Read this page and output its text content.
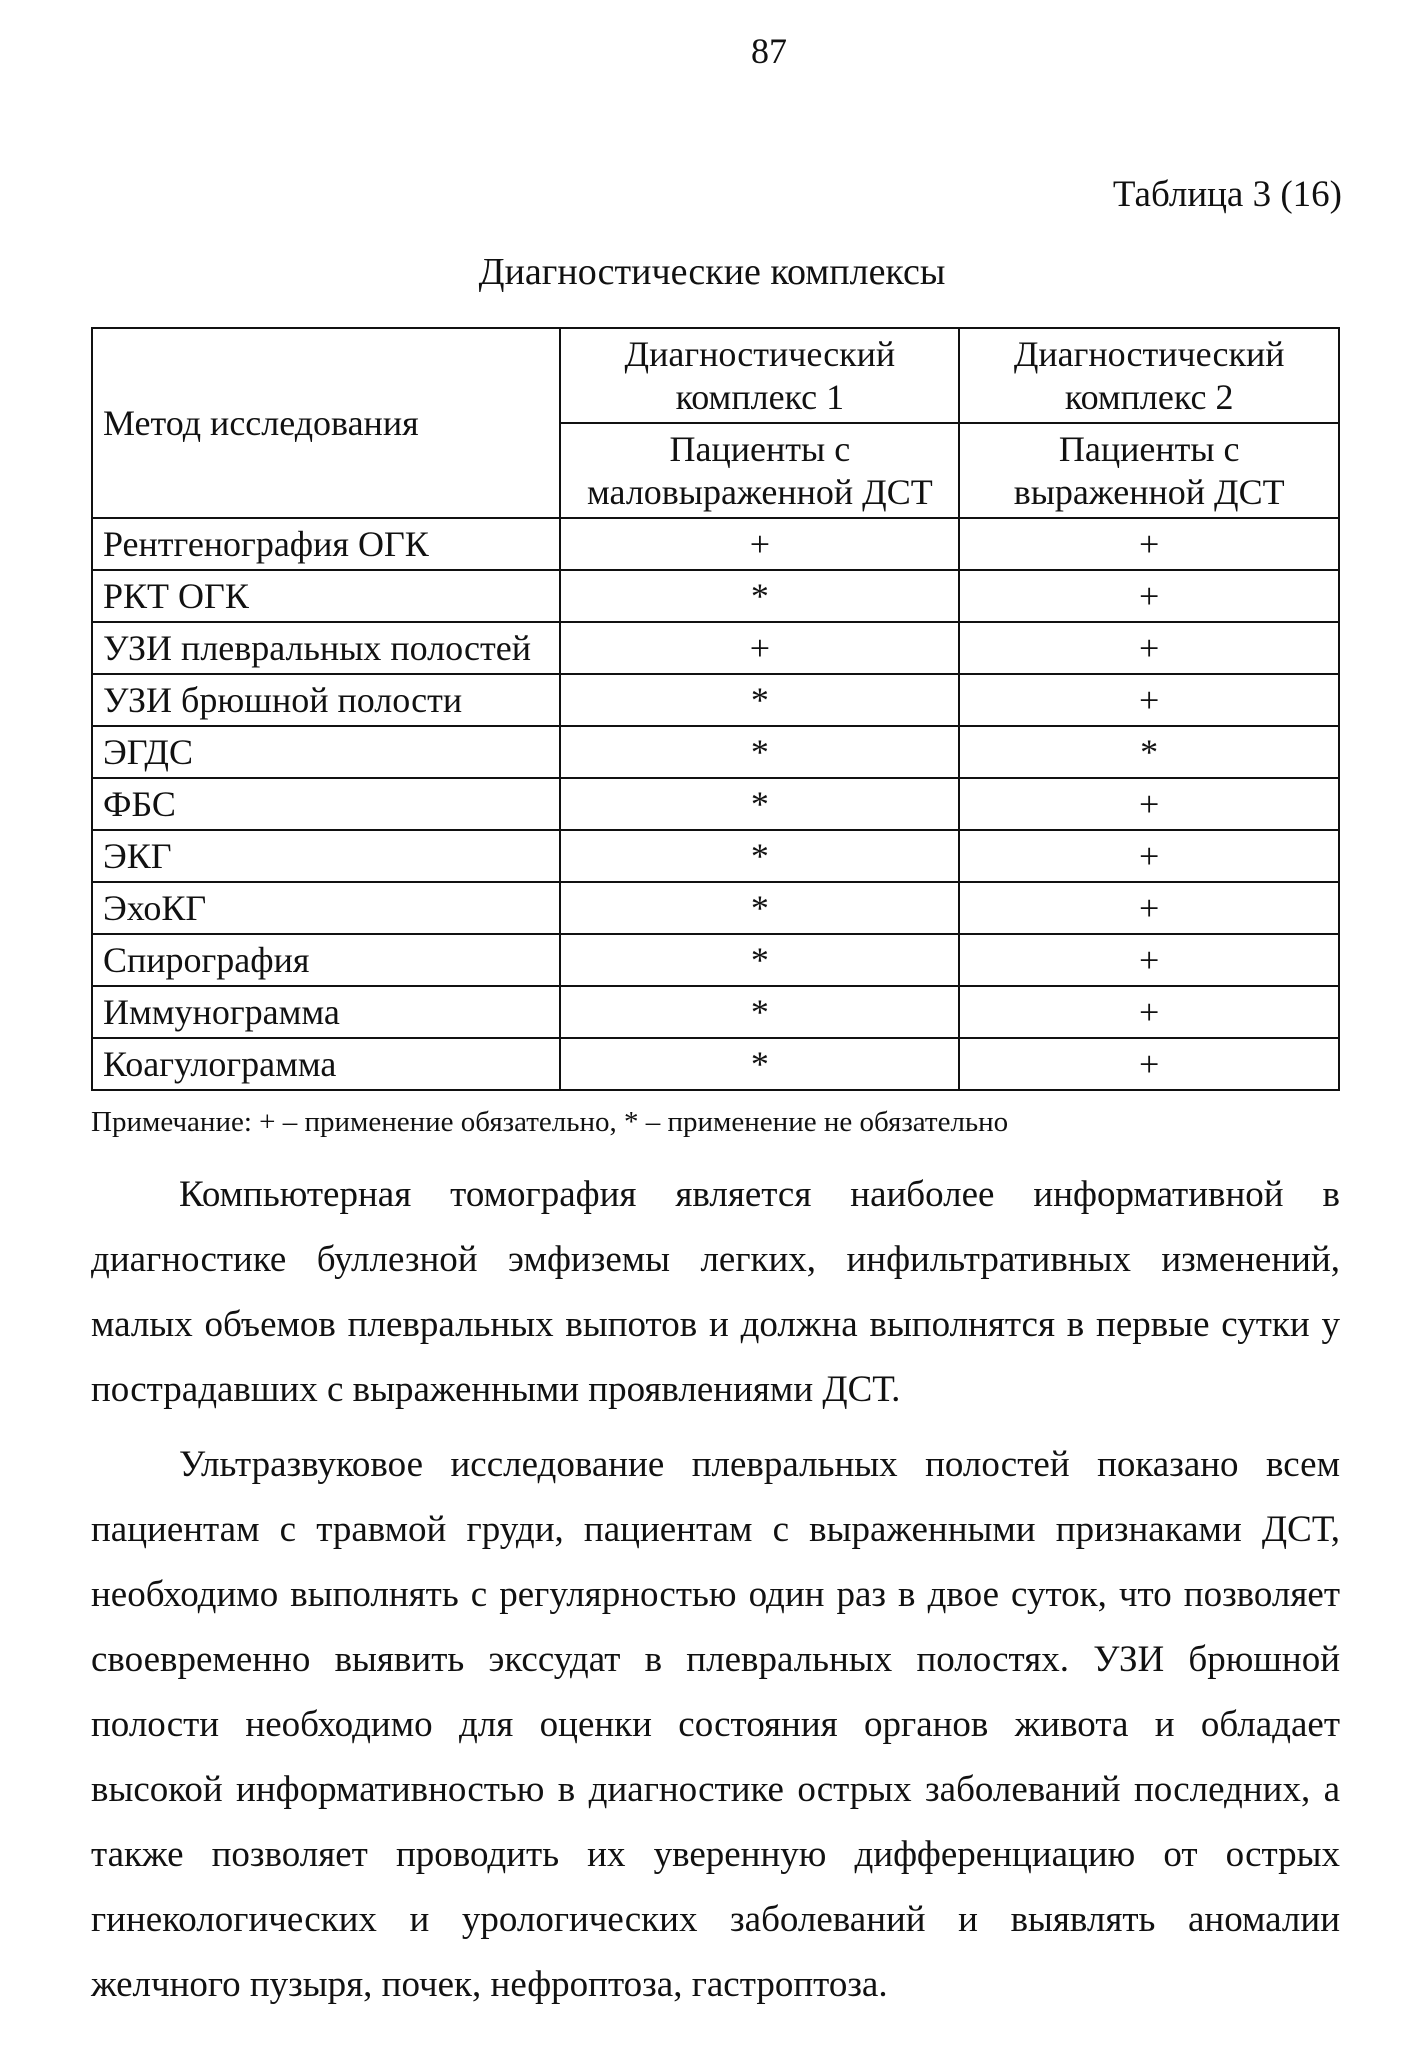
87
Таблица 3 (16)
Диагностические комплексы
Метод исследования	Диагностический комплекс 1	Диагностический комплекс 2
	Пациенты с маловыраженной ДСТ	Пациенты с выраженной ДСТ
Рентгенография ОГК	+	+
РКТ ОГК	*	+
УЗИ плевральных полостей	+	+
УЗИ брюшной полости	*	+
ЭГДС	*	*
ФБС	*	+
ЭКГ	*	+
ЭхоКГ	*	+
Спирография	*	+
Иммунограмма	*	+
Коагулограмма	*	+
Примечание: + – применение обязательно, * – применение не обязательно

Компьютерная томография является наиболее информативной в диагностике буллезной эмфиземы легких, инфильтративных изменений, малых объемов плевральных выпотов и должна выполнятся в первые сутки у пострадавших с выраженными проявлениями ДСТ.

Ультразвуковое исследование плевральных полостей показано всем пациентам с травмой груди, пациентам с выраженными признаками ДСТ, необходимо выполнять с регулярностью один раз в двое суток, что позволяет своевременно выявить экссудат в плевральных полостях. УЗИ брюшной полости необходимо для оценки состояния органов живота и обладает высокой информативностью в диагностике острых заболеваний последних, а также позволяет проводить их уверенную дифференциацию от острых гинекологических и урологических заболеваний и выявлять аномалии желчного пузыря, почек, нефроптоза, гастроптоза.
